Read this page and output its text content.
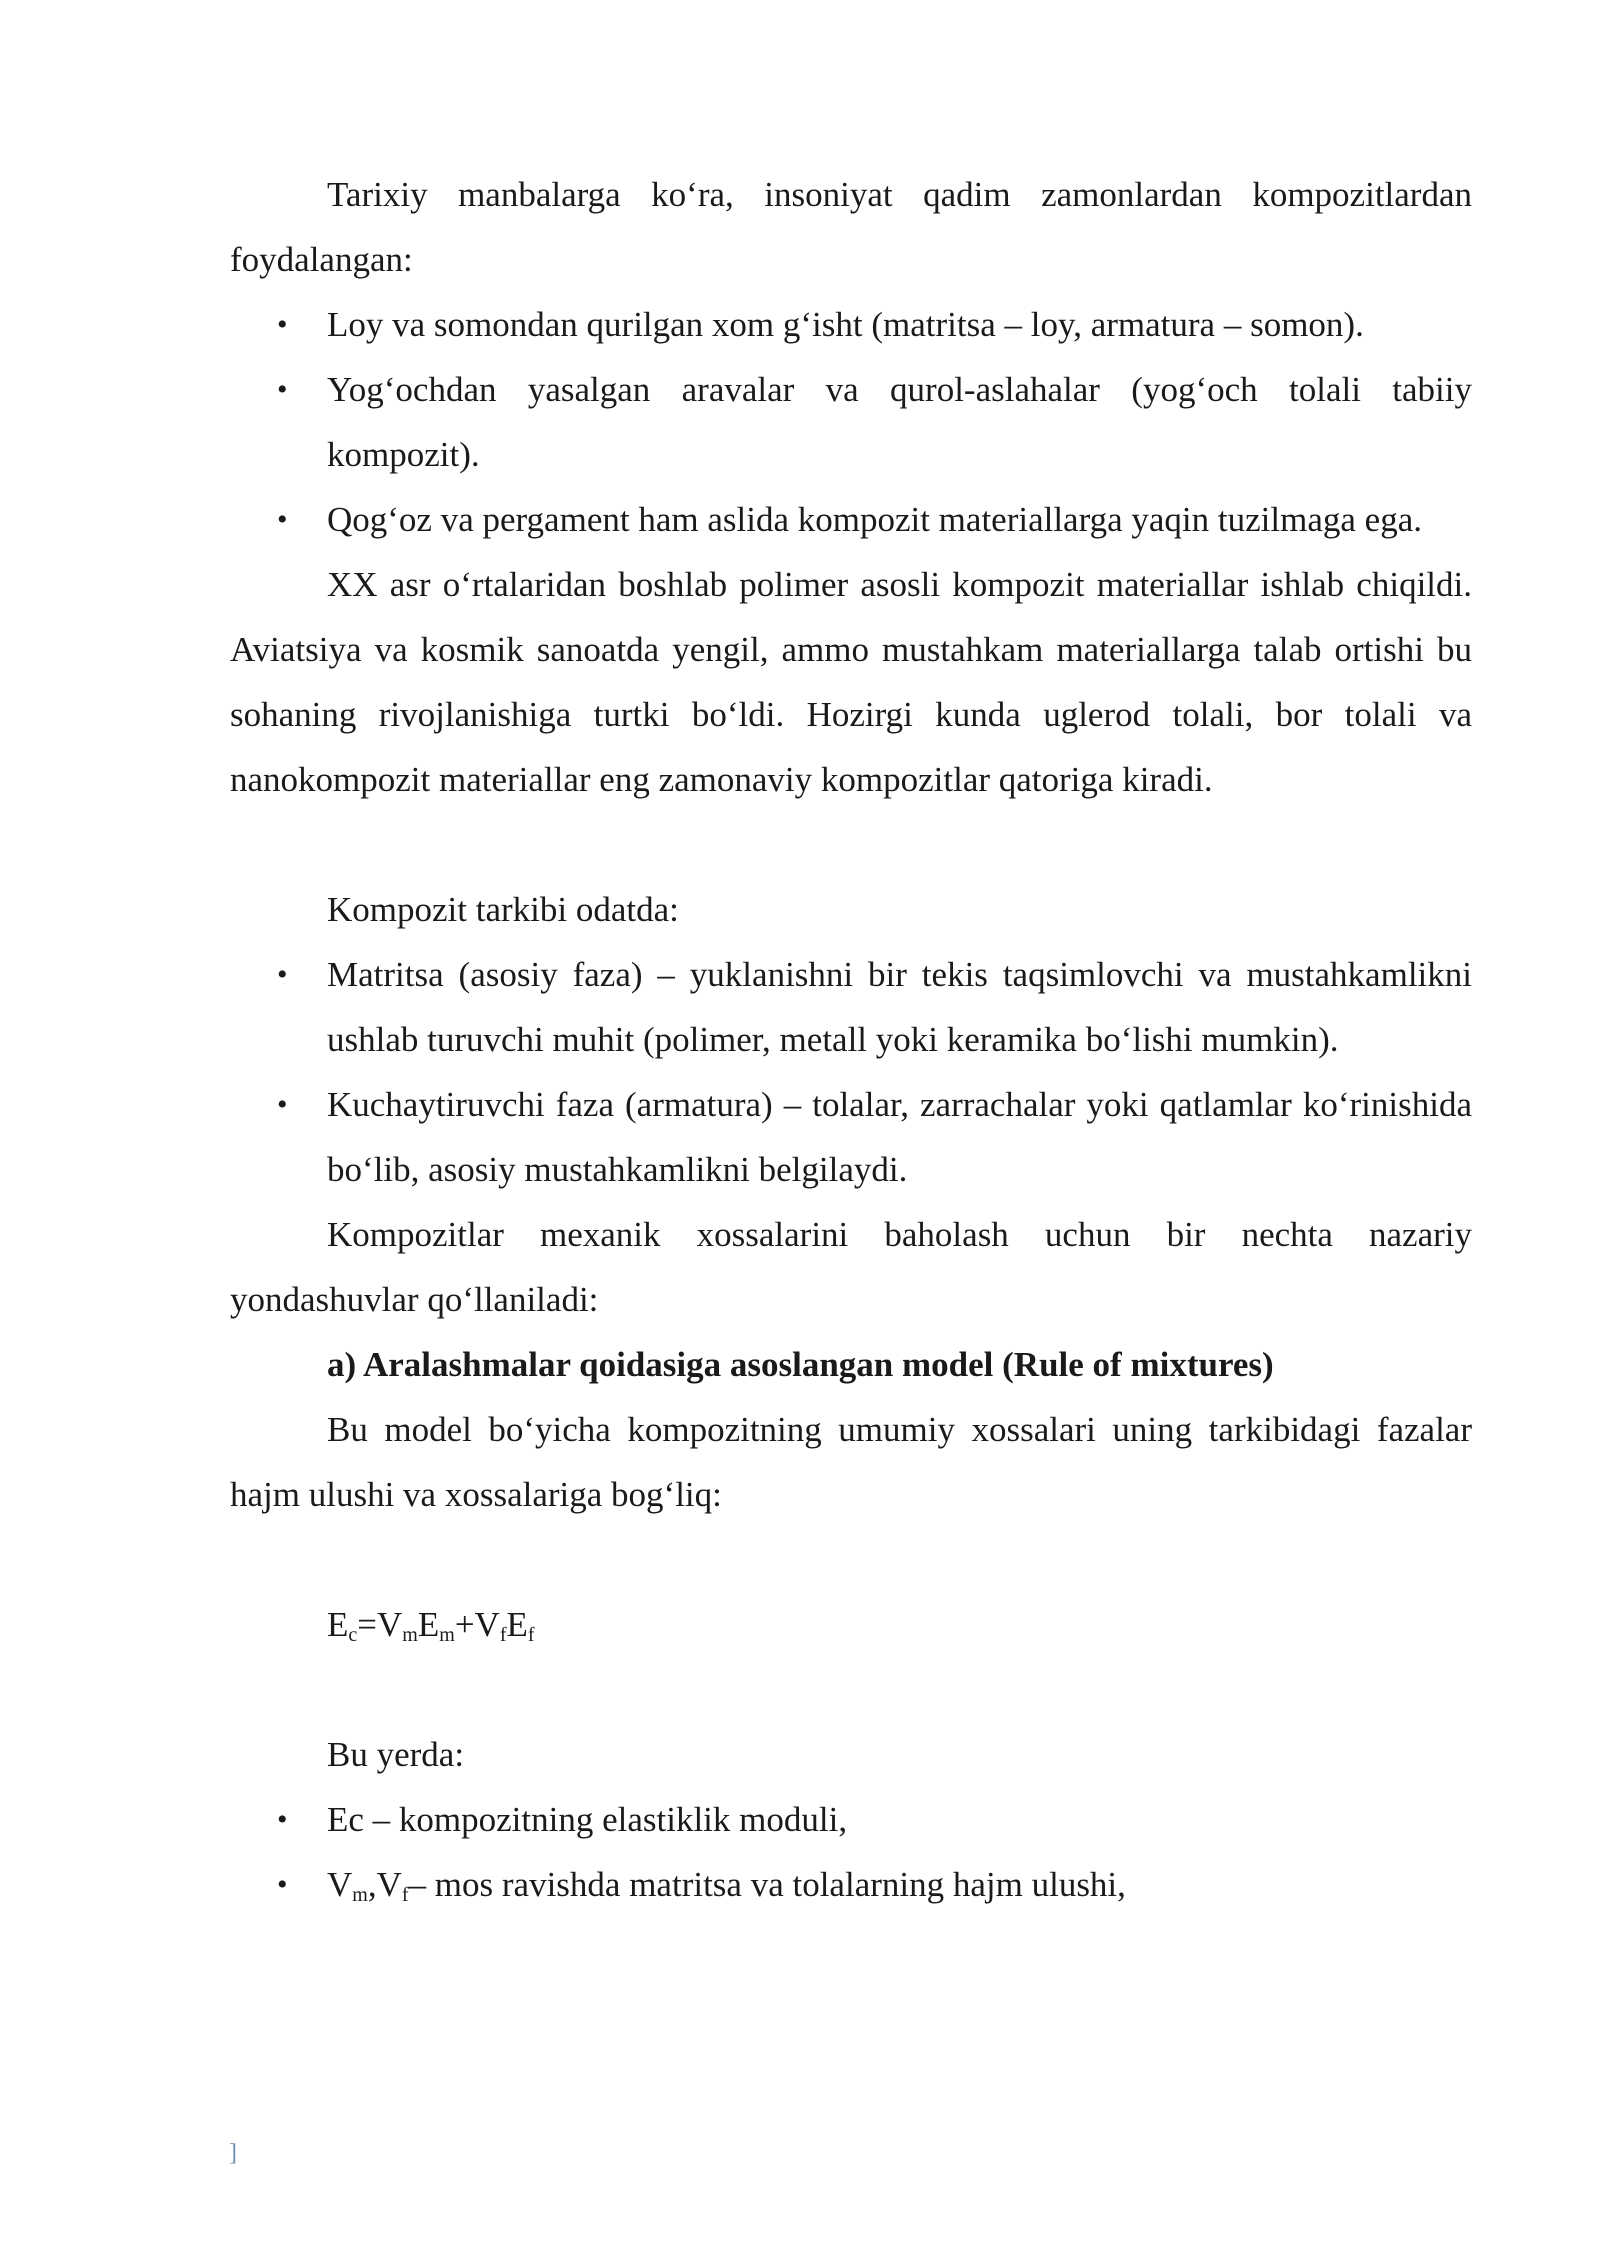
Tarixiy manbalarga ko‘ra, insoniyat qadim zamonlardan kompozitlardan foydalangan:

• Loy va somondan qurilgan xom g‘isht (matritsa – loy, armatura – somon).
• Yog‘ochdan yasalgan aravalar va qurol-aslahalar (yog‘och tolali tabiiy kompozit).
• Qog‘oz va pergament ham aslida kompozit materiallarga yaqin tuzilmaga ega.

XX asr o‘rtalaridan boshlab polimer asosli kompozit materiallar ishlab chiqildi. Aviatsiya va kosmik sanoatda yengil, ammo mustahkam materiallarga talab ortishi bu sohaning rivojlanishiga turtki bo‘ldi. Hozirgi kunda uglerod tolali, bor tolali va nanokompozit materiallar eng zamonaviy kompozitlar qatoriga kiradi.

Kompozit tarkibi odatda:

• Matritsa (asosiy faza) – yuklanishni bir tekis taqsimlovchi va mustahkamlikni ushlab turuvchi muhit (polimer, metall yoki keramika bo‘lishi mumkin).
• Kuchaytiruvchi faza (armatura) – tolalar, zarrachalar yoki qatlamlar ko‘rinishida bo‘lib, asosiy mustahkamlikni belgilaydi.

Kompozitlar mexanik xossalarini baholash uchun bir nechta nazariy yondashuvlar qo‘llaniladi:

a) Aralashmalar qoidasiga asoslangan model (Rule of mixtures)

Bu model bo‘yicha kompozitning umumiy xossalari uning tarkibidagi fazalar hajm ulushi va xossalariga bog‘liq:

$E_c=V_mE_m+V_fE_f$

Bu yerda:

• Ec – kompozitning elastiklik moduli,
• $V_m,V_f-$ mos ravishda matritsa va tolalarning hajm ulushi,
]
